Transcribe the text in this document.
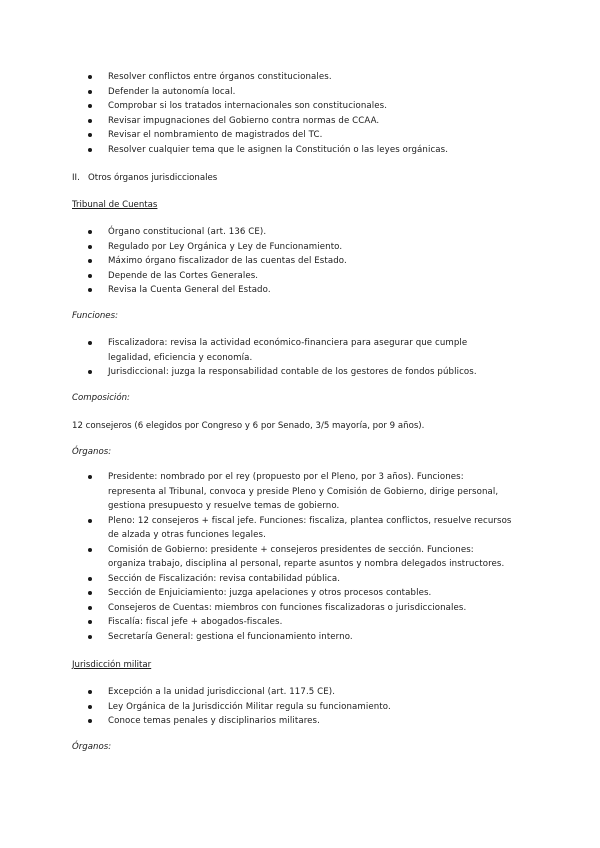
Resolver conflictos entre órganos constitucionales.
Defender la autonomía local.
Comprobar si los tratados internacionales son constitucionales.
Revisar impugnaciones del Gobierno contra normas de CCAA.
Revisar el nombramiento de magistrados del TC.
Resolver cualquier tema que le asignen la Constitución o las leyes orgánicas.
II. Otros órganos jurisdiccionales
Tribunal de Cuentas
Órgano constitucional (art. 136 CE).
Regulado por Ley Orgánica y Ley de Funcionamiento.
Máximo órgano fiscalizador de las cuentas del Estado.
Depende de las Cortes Generales.
Revisa la Cuenta General del Estado.
Funciones:
Fiscalizadora: revisa la actividad económico-financiera para asegurar que cumple legalidad, eficiencia y economía.
Jurisdiccional: juzga la responsabilidad contable de los gestores de fondos públicos.
Composición:
12 consejeros (6 elegidos por Congreso y 6 por Senado, 3/5 mayoría, por 9 años).
Órganos:
Presidente: nombrado por el rey (propuesto por el Pleno, por 3 años). Funciones: representa al Tribunal, convoca y preside Pleno y Comisión de Gobierno, dirige personal, gestiona presupuesto y resuelve temas de gobierno.
Pleno: 12 consejeros + fiscal jefe. Funciones: fiscaliza, plantea conflictos, resuelve recursos de alzada y otras funciones legales.
Comisión de Gobierno: presidente + consejeros presidentes de sección. Funciones: organiza trabajo, disciplina al personal, reparte asuntos y nombra delegados instructores.
Sección de Fiscalización: revisa contabilidad pública.
Sección de Enjuiciamiento: juzga apelaciones y otros procesos contables.
Consejeros de Cuentas: miembros con funciones fiscalizadoras o jurisdiccionales.
Fiscalía: fiscal jefe + abogados-fiscales.
Secretaría General: gestiona el funcionamiento interno.
Jurisdicción militar
Excepción a la unidad jurisdiccional (art. 117.5 CE).
Ley Orgánica de la Jurisdicción Militar regula su funcionamiento.
Conoce temas penales y disciplinarios militares.
Órganos:
